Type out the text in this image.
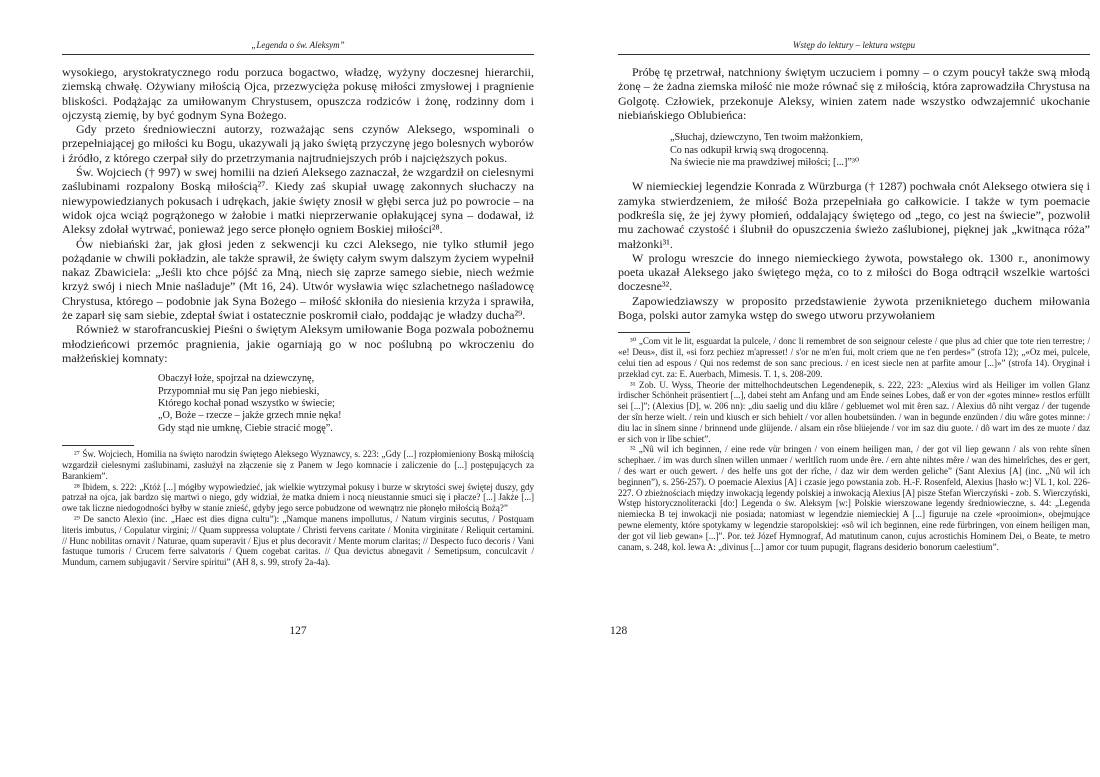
„Legenda o św. Aleksym”

wysokiego, arystokratycznego rodu porzuca bogactwo, władzę, wyżyny doczesnej hierarchii, ziemską chwałę. Ożywiany miłością Ojca, przezwycięża pokusę miłości zmysłowej i pragnienie bliskości. Podążając za umiłowanym Chrystusem, opuszcza rodziców i żonę, rodzinny dom i ojczystą ziemię, by być godnym Syna Bożego.

Gdy przeto średniowieczni autorzy, rozważając sens czynów Aleksego, wspominali o przepełniającej go miłości ku Bogu, ukazywali ją jako świętą przyczynę jego bolesnych wyborów i źródło, z którego czerpał siły do przetrzymania najtrudniejszych prób i najcięższych pokus.

Św. Wojciech († 997) w swej homilii na dzień Aleksego zaznaczał, że wzgardził on cielesnymi zaślubinami rozpalony Boską miłością²⁷. Kiedy zaś skupiał uwagę zakonnych słuchaczy na niewypowiedzianych pokusach i udrękach, jakie święty znosił w głębi serca już po powrocie – na widok ojca wciąż pogrążonego w żałobie i matki nieprzerwanie opłakującej syna – dodawał, iż Aleksy zdołał wytrwać, ponieważ jego serce płonęło ogniem Boskiej miłości²⁸.

Ów niebiański żar, jak głosi jeden z sekwencji ku czci Aleksego, nie tylko stłumił jego pożądanie w chwili pokładzin, ale także sprawił, że święty całym swym dalszym życiem wypełnił nakaz Zbawiciela: „Jeśli kto chce pójść za Mną, niech się zaprze samego siebie, niech weźmie krzyż swój i niech Mnie naśladuje” (Mt 16, 24). Utwór wysławia więc szlachetnego naśladowcę Chrystusa, którego – podobnie jak Syna Bożego – miłość skłoniła do niesienia krzyża i sprawiła, że zaparł się sam siebie, zdeptał świat i ostatecznie poskromił ciało, poddając je władzy ducha²⁹.

Również w starofrancuskiej Pieśni o świętym Aleksym umiłowanie Boga pozwala pobożnemu młodzieńcowi przemóc pragnienia, jakie ogarniają go w noc poślubną po wkroczeniu do małżeńskiej komnaty:

Obaczył łoże, spojrzał na dziewczynę,
Przypomniał mu się Pan jego niebieski,
Którego kochał ponad wszystko w świecie;
„O, Boże – rzecze – jakże grzech mnie nęka!
Gdy stąd nie umknę, Ciebie stracić mogę”.

²⁷ Św. Wojciech, Homilia na święto narodzin świętego Aleksego Wyznawcy, s. 223: „Gdy [...] rozpłomieniony Boską miłością wzgardził cielesnymi zaślubinami, zasłużył na złączenie się z Panem w Jego komnacie i zaliczenie do [...] postępujących za Barankiem”.

²⁸ Ibidem, s. 222: „Któż [...] mógłby wypowiedzieć, jak wielkie wytrzymał pokusy i burze w skrytości swej świętej duszy, gdy patrzał na ojca, jak bardzo się martwi o niego, gdy widział, że matka dniem i nocą nieustannie smuci się i płacze? [...] Jakże [...] owe tak liczne niedogodności byłby w stanie znieść, gdyby jego serce pobudzone od wewnątrz nie płonęło miłością Bożą?”

²⁹ De sancto Alexio (inc. „Haec est dies digna cultu”): „Namque manens impollutus, / Natum virginis secutus, / Postquam literis imbutus, / Copulatur virgini; // Quam suppressa voluptate / Christi fervens caritate / Monita virginitate / Reliquit certamini. // Hunc nobilitas ornavit / Naturae, quam superavit / Ejus et plus decoravit / Mente morum claritas; // Despecto fuco decoris / Vani fastuque tumoris / Crucem ferre salvatoris / Quem cogebat caritas. // Qua devictus abnegavit / Semetipsum, conculcavit / Mundum, carnem subjugavit / Servire spiritui” (AH 8, s. 99, strofy 2a-4a).

127
Wstęp do lektury – lektura wstępu

Próbę tę przetrwał, natchniony świętym uczuciem i pomny – o czym poucył także swą młodą żonę – że żadna ziemska miłość nie może równać się z miłością, która zaprowadziła Chrystusa na Golgotę. Człowiek, przekonuje Aleksy, winien zatem nade wszystko odwzajemnić ukochanie niebiańskiego Oblubieńca:

„Słuchaj, dziewczyno, Ten twoim małżonkiem,
Co nas odkupił krwią swą drogocenną.
Na świecie nie ma prawdziwej miłości; [...]”³⁰

W niemieckiej legendzie Konrada z Würzburga († 1287) pochwała cnót Aleksego otwiera się i zamyka stwierdzeniem, że miłość Boża przepełniała go całkowicie. I także w tym poemacie podkreśla się, że jej żywy płomień, oddalający świętego od „tego, co jest na świecie”, pozwolił mu zachować czystość i ślubnił do opuszczenia świeżo zaślubionej, pięknej jak „kwitnąca róża” małżonki³¹.

W prologu wreszcie do innego niemieckiego żywota, powstałego ok. 1300 r., anonimowy poeta ukazał Aleksego jako świętego męża, co to z miłości do Boga odtrącił wszelkie wartości doczesne³².

Zapowiedziawszy w proposito przedstawienie żywota przeniknietego duchem miłowania Boga, polski autor zamyka wstęp do swego utworu przywołaniem

³⁰ „Com vit le lit, esguardat la pulcele, / donc li remembret de son seignour celeste / que plus ad chier que tote rien terrestre; / «e! Deus», dist il, «si forz pechiez m'apresset! / s'or ne m'en fui, molt criem que ne t'en perdes»” (strofa 12); „«Oz mei, pulcele, celui tien ad espous / Qui nos redemst de son sanc precious. / en icest siecle nen at parfite amour [...]»” (strofa 14). Oryginał i przekład cyt. za: E. Auerbach, Mimesis. T. 1, s. 208-209.

³¹ Zob. U. Wyss, Theorie der mittelhochdeutschen Legendenepik, s. 222, 223: „Alexius wird als Heiliger im vollen Glanz irdischer Schönheit präsentiert [...], dabei steht am Anfang und am Ende seines Lobes, daß er von der «gotes minne» restlos erfüllt sei [...]”; (Alexius [D], w. 206 nn): „diu saelig und diu klâre / gebluemet wol mit êren saz. / Alexius dô niht vergaz / der tugende der sîn herze wielt. / rein und kiusch er sich behielt / vor allen houbetsünden. / wan in begunde enzünden / diu wâre gotes minne: / diu lac in sînem sinne / brinnend unde glüjende. / alsam ein rôse blüejende / vor im saz diu guote. / dô wart im des ze muote / daz er sich von ir lîbe schiet”.

³² „Nû wil ich beginnen, / eine rede vür bringen / von einem heiligen man, / der got vil liep gewann / als von rehte sînen schephaer. / im was durch sînen willen unmaer / werltlîch ruom unde êre. / ern ahte nihtes mêre / wan des himelrîches, des er gert, / des wart er ouch gewert. / des helfe uns got der rîche, / daz wir dem werden geliche” (Sant Alexius [A] (inc. „Nû wil ich beginnen”), s. 256-257). O poemacie Alexius [A] i czasie jego powstania zob. H.-F. Rosenfeld, Alexius [hasło w:] VL 1, kol. 226-227. O zbieżnościach między inwokacją legendy polskiej a inwokacją Alexius [A] pisze Stefan Wierczyński - zob. S. Wierczyński, Wstęp historycznoliteracki [do:] Legenda o św. Aleksym [w:] Polskie wierszowane legendy średniowieczne, s. 44: „Legenda niemiecka B tej inwokacji nie posiada; natomiast w legendzie niemieckiej A [...] figuruje na czele «prooimion», obejmujące pewne elementy, które spotykamy w legendzie staropolskiej: «sô wil ich beginnen, eine rede fürbringen, von einem heiligen man, der got vil lieb gewan» [...]”. Por. też Józef Hymnograf, Ad matutinum canon, cujus acrostichis Hominem Dei, o Beate, te metro canam, s. 248, kol. lewa A: „divinus [...] amor cor tuum pupugit, flagrans desiderio bonorum caelestium”.

128
